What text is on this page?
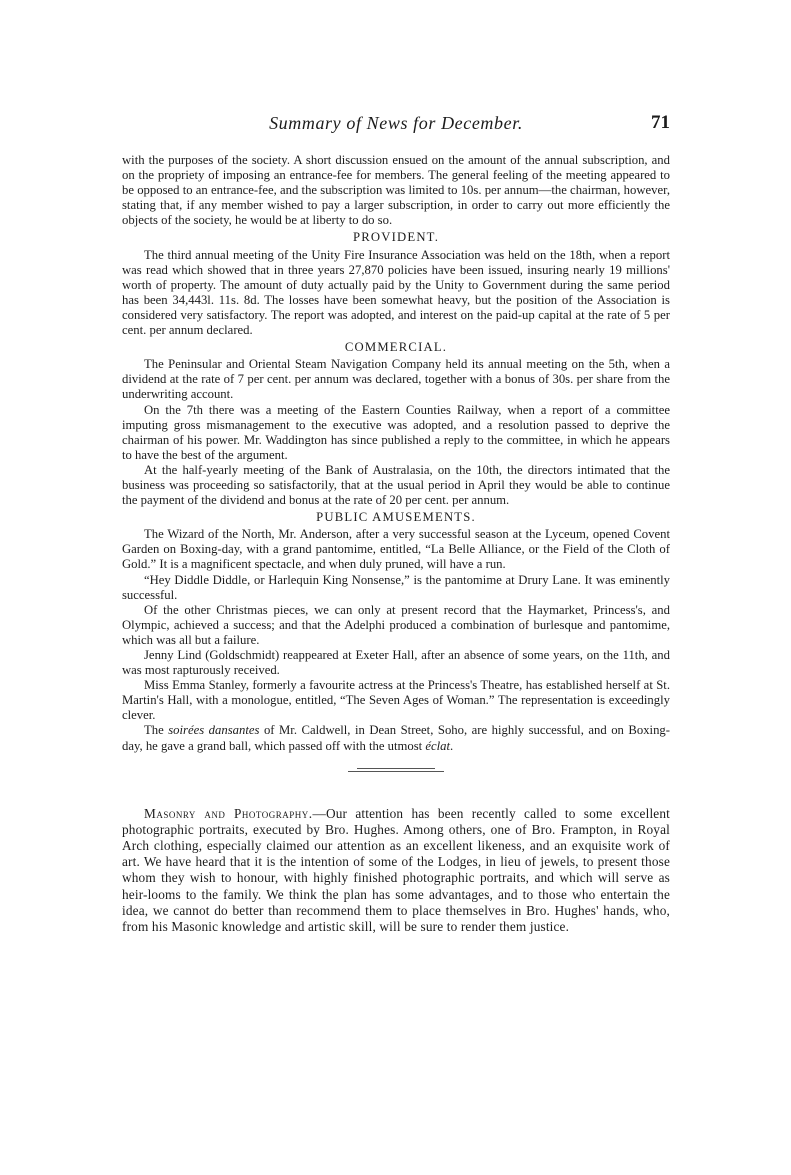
Summary of News for December.	71

with the purposes of the society. A short discussion ensued on the amount of the annual subscription, and on the propriety of imposing an entrance-fee for members. The general feeling of the meeting appeared to be opposed to an entrance-fee, and the subscription was limited to 10s. per annum—the chairman, however, stating that, if any member wished to pay a larger subscription, in order to carry out more efficiently the objects of the society, he would be at liberty to do so.

PROVIDENT.

The third annual meeting of the Unity Fire Insurance Association was held on the 18th, when a report was read which showed that in three years 27,870 policies have been issued, insuring nearly 19 millions' worth of property. The amount of duty actually paid by the Unity to Government during the same period has been 34,443l. 11s. 8d. The losses have been somewhat heavy, but the position of the Association is considered very satisfactory. The report was adopted, and interest on the paid-up capital at the rate of 5 per cent. per annum declared.

COMMERCIAL.

The Peninsular and Oriental Steam Navigation Company held its annual meeting on the 5th, when a dividend at the rate of 7 per cent. per annum was declared, together with a bonus of 30s. per share from the underwriting account.

On the 7th there was a meeting of the Eastern Counties Railway, when a report of a committee imputing gross mismanagement to the executive was adopted, and a resolution passed to deprive the chairman of his power. Mr. Waddington has since published a reply to the committee, in which he appears to have the best of the argument.

At the half-yearly meeting of the Bank of Australasia, on the 10th, the directors intimated that the business was proceeding so satisfactorily, that at the usual period in April they would be able to continue the payment of the dividend and bonus at the rate of 20 per cent. per annum.

PUBLIC AMUSEMENTS.

The Wizard of the North, Mr. Anderson, after a very successful season at the Lyceum, opened Covent Garden on Boxing-day, with a grand pantomime, entitled, “La Belle Alliance, or the Field of the Cloth of Gold.” It is a magnificent spectacle, and when duly pruned, will have a run.

“Hey Diddle Diddle, or Harlequin King Nonsense,” is the pantomime at Drury Lane. It was eminently successful.

Of the other Christmas pieces, we can only at present record that the Haymarket, Princess's, and Olympic, achieved a success; and that the Adelphi produced a combination of burlesque and pantomime, which was all but a failure.

Jenny Lind (Goldschmidt) reappeared at Exeter Hall, after an absence of some years, on the 11th, and was most rapturously received.

Miss Emma Stanley, formerly a favourite actress at the Princess's Theatre, has established herself at St. Martin's Hall, with a monologue, entitled, “The Seven Ages of Woman.” The representation is exceedingly clever.

The soirées dansantes of Mr. Caldwell, in Dean Street, Soho, are highly successful, and on Boxing-day, he gave a grand ball, which passed off with the utmost éclat.

Masonry and Photography.—Our attention has been recently called to some excellent photographic portraits, executed by Bro. Hughes. Among others, one of Bro. Frampton, in Royal Arch clothing, especially claimed our attention as an excellent likeness, and an exquisite work of art. We have heard that it is the intention of some of the Lodges, in lieu of jewels, to present those whom they wish to honour, with highly finished photographic portraits, and which will serve as heir-looms to the family. We think the plan has some advantages, and to those who entertain the idea, we cannot do better than recommend them to place themselves in Bro. Hughes' hands, who, from his Masonic knowledge and artistic skill, will be sure to render them justice.
